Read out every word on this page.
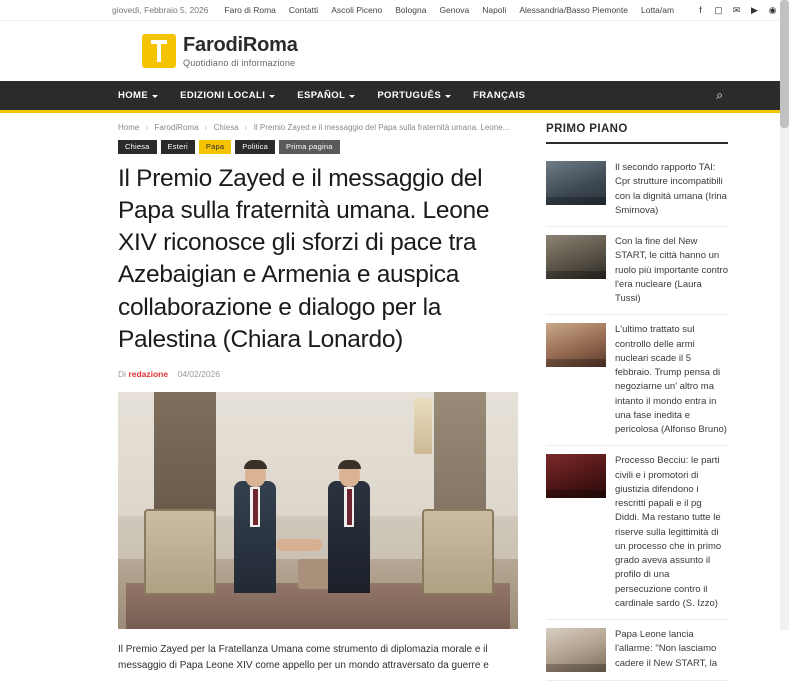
giovedì, Febbraio 5, 2026 Faro di Roma Contatti Ascoli Piceno Bologna Genova Napoli Alessandria/Basso Piemonte Lotta/am	f	▢ ✉ ▶ ◉
FarodiRoma
Quotidiano di informazione
HOME	EDIZIONI LOCALI	ESPAÑOL	PORTUGUÊS	FRANÇAIS	⌕
Home › FarodiRoma › Chiesa › Il Premio Zayed e il messaggio del Papa sulla fraternità umana. Leone...
Chiesa	Esteri	Papa	Politica	Prima pagina
Il Premio Zayed e il messaggio del Papa sulla fraternità umana. Leone XIV riconosce gli sforzi di pace tra Azebaigian e Armenia e auspica collaborazione e dialogo per la Palestina (Chiara Lonardo)
Di redazione 04/02/2026

Il Premio Zayed per la Fratellanza Umana come strumento di diplomazia morale e il messaggio di Papa Leone XIV come appello per un mondo attraversato da guerre e

PRIMO PIANO
Il secondo rapporto TAI: Cpr strutture incompatibili con la dignità umana (Irina Smirnova)
Con la fine del New START, le città hanno un ruolo più importante contro l'era nucleare (Laura Tussi)
L'ultimo trattato sul controllo delle armi nucleari scade il 5 febbraio. Trump pensa di negoziarne un' altro ma intanto il mondo entra in una fase inedita e pericolosa (Alfonso Bruno)
Processo Becciu: le parti civili e i promotori di giustizia difendono i rescritti papali e il pg Diddi. Ma restano tutte le riserve sulla legittimità di un processo che in primo grado aveva assunto il profilo di una persecuzione contro il cardinale sardo (S. Izzo)
Papa Leone lancia l'allarme: "Non lasciamo cadere il New START, la
